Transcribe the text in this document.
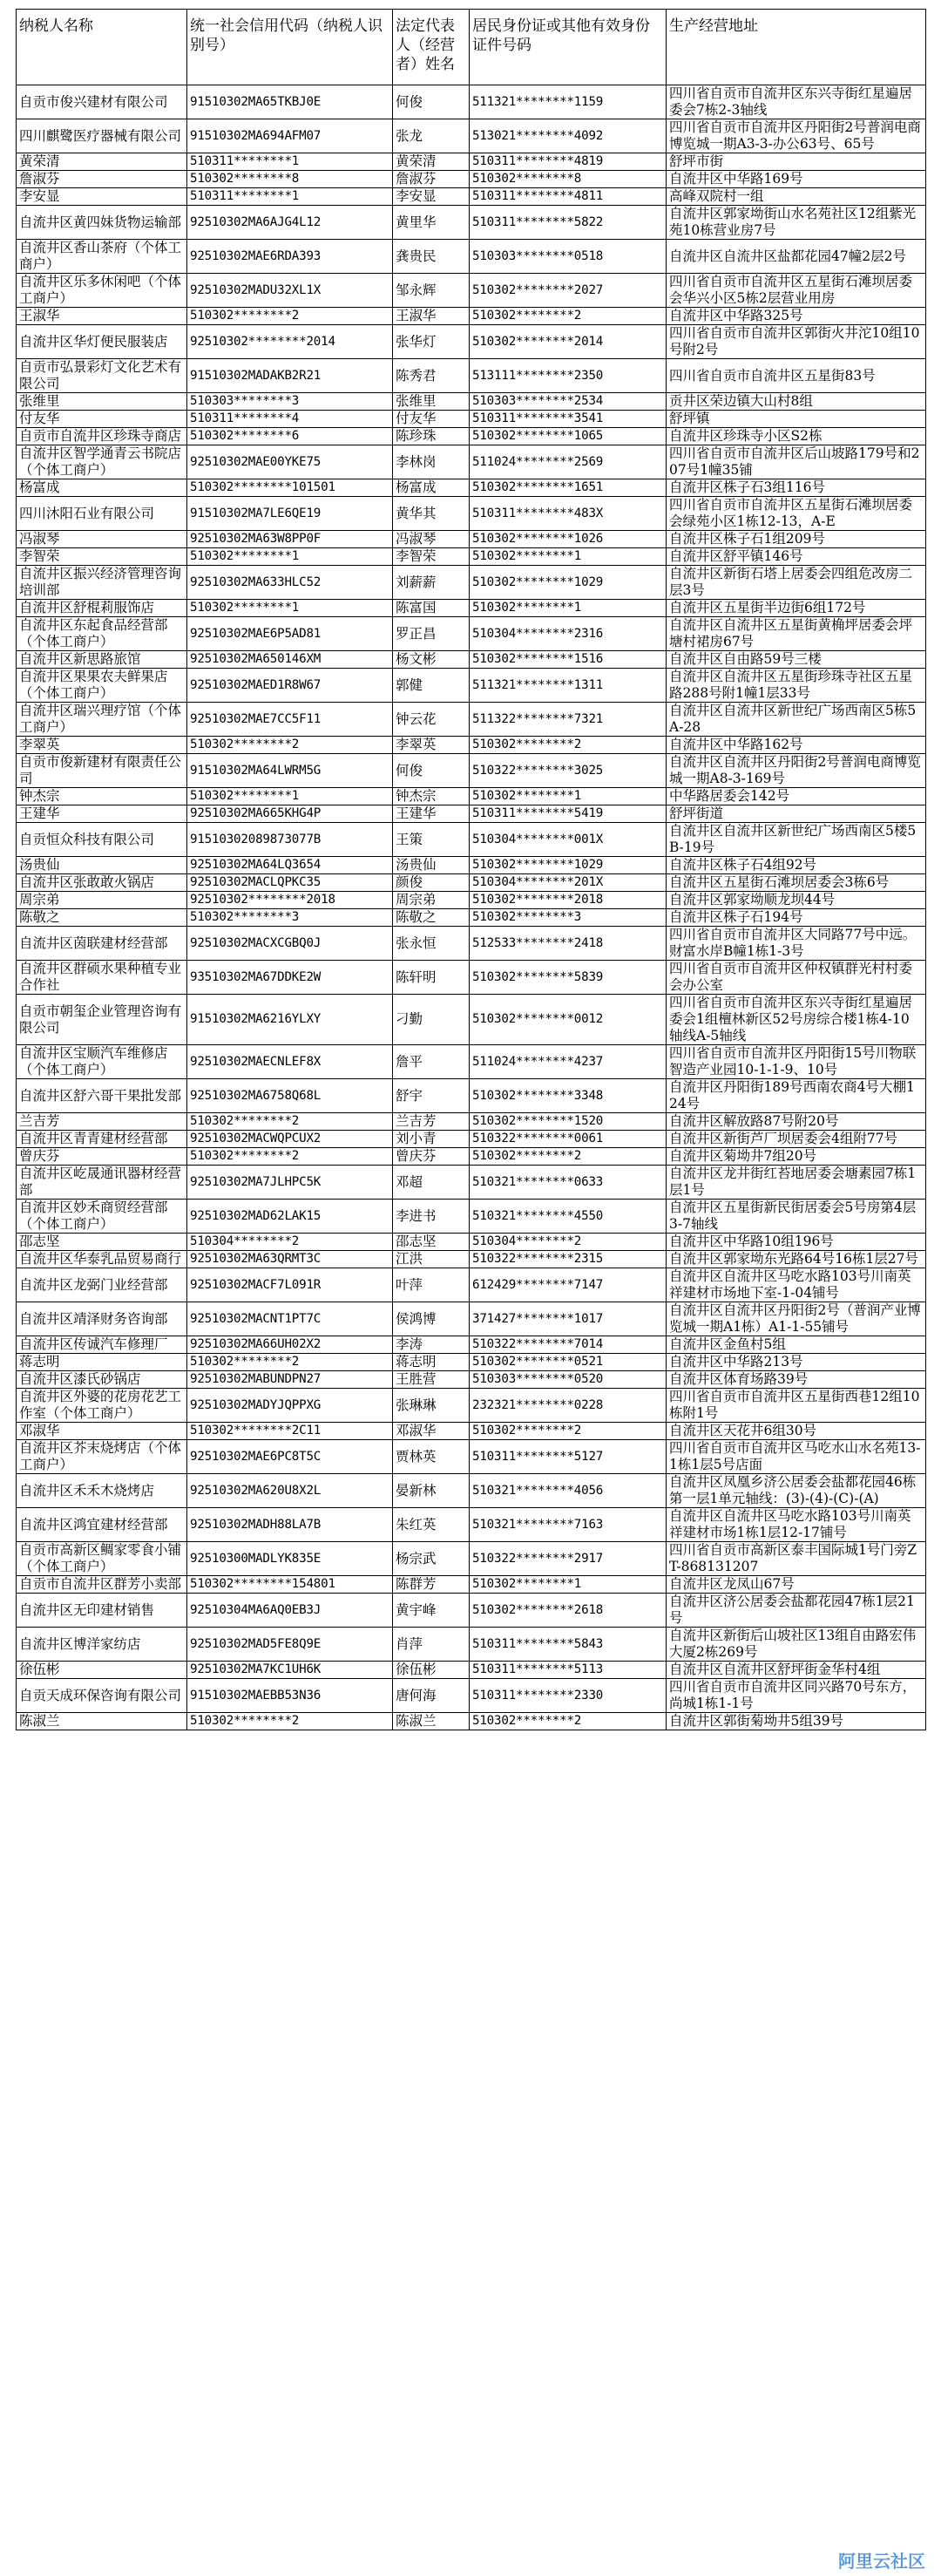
纳税人名称	统一社会信用代码（纳税人识别号）	法定代表人（经营者）姓名	居民身份证或其他有效身份证件号码	生产经营地址
自贡市俊兴建材有限公司	91510302MA65TKBJ0E	何俊	511321********1159	四川省自贡市自流井区东兴寺街红星遍居委会7栋2-3轴线
四川麒鹭医疗器械有限公司	91510302MA694AFM07	张龙	513021********4092	四川省自贡市自流井区丹阳街2号普润电商博览城一期A3-3-办公63号、65号
黄荣清	510311********1	黄荣清	510311********4819	舒坪市街
詹淑芬	510302********8	詹淑芬	510302********8	自流井区中华路169号
李安显	510311********1	李安显	510311********4811	高峰双院村一组
自流井区黄四妹货物运输部	92510302MA6AJG4L12	黄里华	510311********5822	自流井区郭家坳街山水名苑社区12组紫光苑10栋营业房7号
自流井区香山茶府（个体工商户）	92510302MAE6RDA393	龚贵民	510303********0518	自流井区自流井区盐都花园47幢2层2号
自流井区乐多休闲吧（个体工商户）	92510302MADU32XL1X	邹永辉	510302********2027	四川省自贡市自流井区五星街石滩坝居委会华兴小区5栋2层营业用房
王淑华	510302********2	王淑华	510302********2	自流井区中华路325号
自流井区华灯便民服装店	92510302********2014	张华灯	510302********2014	四川省自贡市自流井区郭街火井沱10组10号附2号
自贡市弘景彩灯文化艺术有限公司	91510302MADAKB2R21	陈秀君	513111********2350	四川省自贡市自流井区五星街83号
张维里	510303********3	张维里	510303********2534	贡井区荣边镇大山村8组
付友华	510311********4	付友华	510311********3541	舒坪镇
自贡市自流井区珍珠寺商店	510302********6	陈珍珠	510302********1065	自流井区珍珠寺小区S2栋
自流井区智学通青云书院店（个体工商户）	92510302MAE00YKE75	李林岗	511024********2569	四川省自贡市自流井区后山坡路179号和207号1幢35铺
杨富成	510302********101501	杨富成	510302********1651	自流井区株子石3组116号
四川沐阳石业有限公司	91510302MA7LE6QE19	黄华其	510311********483X	四川省自贡市自流井区五星街石滩坝居委会绿苑小区1栋12-13，A-E
冯淑琴	92510302MA63W8PP0F	冯淑琴	510302********1026	自流井区株子石1组209号
李智荣	510302********1	李智荣	510302********1	自流井区舒平镇146号
自流井区振兴经济管理咨询培训部	92510302MA633HLC52	刘薪薪	510302********1029	自流井区新街石塔上居委会四组危改房二层3号
自流井区舒棍莉服饰店	510302********1	陈富国	510302********1	自流井区五星街半边街6组172号
自流井区东起食品经营部（个体工商户）	92510302MAE6P5AD81	罗正昌	510304********2316	自流井区自流井区五星街黄桷坪居委会坪塘村裙房67号
自流井区新思路旅馆	92510302MA650146XM	杨文彬	510302********1516	自流井区自由路59号三楼
自流井区果果农夫鲜果店（个体工商户）	92510302MAED1R8W67	郭健	511321********1311	自流井区自流井区五星街珍珠寺社区五星路288号附1幢1层33号
自流井区瑞兴理疗馆（个体工商户）	92510302MAE7CC5F11	钟云花	511322********7321	自流井区自流井区新世纪广场西南区5栋5A-28
李翠英	510302********2	李翠英	510302********2	自流井区中华路162号
自贡市俊新建材有限责任公司	91510302MA64LWRM5G	何俊	510322********3025	自流井区自流井区丹阳街2号普润电商博览城一期A8-3-169号
钟杰宗	510302********1	钟杰宗	510302********1	中华路居委会142号
王建华	92510302MA665KHG4P	王建华	510311********5419	舒坪街道
自贡恒众科技有限公司	91510302089873077B	王策	510304********001X	自流井区自流井区新世纪广场西南区5楼5B-19号
汤贵仙	92510302MA64LQ3654	汤贵仙	510302********1029	自流井区株子石4组92号
自流井区张敢敢火锅店	92510302MACLQPKC35	颜俊	510304********201X	自流井区五星街石滩坝居委会3栋6号
周宗弟	92510302********2018	周宗弟	510302********2018	自流井区郭家坳顺龙坝44号
陈敬之	510302********3	陈敬之	510302********3	自流井区株子石194号
自流井区茵联建材经营部	92510302MACXCGBQ0J	张永恒	512533********2418	四川省自贡市自流井区大同路77号中远。财富水岸B幢1栋1-3号
自流井区群硕水果种植专业合作社	93510302MA67DDKE2W	陈轩明	510302********5839	四川省自贡市自流井区仲权镇群光村村委会办公室
自贡市朝玺企业管理咨询有限公司	91510302MA6216YLXY	刁勤	510302********0012	四川省自贡市自流井区东兴寺街红星遍居委会1组檀林新区52号房综合楼1栋4-10轴线A-5轴线
自流井区宝顺汽车维修店（个体工商户）	92510302MAECNLEF8X	詹平	511024********4237	四川省自贡市自流井区丹阳街15号川物联智造产业园10-1-1-9、10号
自流井区舒六哥干果批发部	92510302MA6758Q68L	舒宇	510302********3348	自流井区丹阳街189号西南农商4号大棚124号
兰吉芳	510302********2	兰吉芳	510302********1520	自流井区解放路87号附20号
自流井区青青建材经营部	92510302MACWQPCUX2	刘小青	510322********0061	自流井区新街芦厂坝居委会4组附77号
曾庆芬	510302********2	曾庆芬	510302********2	自流井区菊坳井7组20号
自流井区屹晟通讯器材经营部	92510302MA7JLHPC5K	邓超	510321********0633	自流井区龙井街红苔地居委会塘素园7栋1层1号
自流井区妙禾商贸经营部（个体工商户）	92510302MAD62LAK15	李进书	510321********4550	自流井区五星街新民街居委会5号房第4层3-7轴线
邵志坚	510304********2	邵志坚	510304********2	自流井区中华路10组196号
自流井区华泰乳品贸易商行	92510302MA63QRMT3C	江洪	510322********2315	自流井区郭家坳东光路64号16栋1层27号
自流井区龙弼门业经营部	92510302MACF7L091R	叶萍	612429********7147	自流井区自流井区马吃水路103号川南英祥建材市场地下室-1-04铺号
自流井区靖泽财务咨询部	92510302MACNT1PT7C	侯鸿博	371427********1017	自流井区自流井区丹阳街2号（普润产业博览城一期A1栋）A1-1-55铺号
自流井区传诚汽车修理厂	92510302MA66UH02X2	李涛	510322********7014	自流井区金鱼村5组
蒋志明	510302********2	蒋志明	510302********0521	自流井区中华路213号
自流井区漆氏砂锅店	92510302MABUNDPN27	王胜营	510303********0520	自流井区体育场路39号
自流井区外婆的花房花艺工作室（个体工商户）	92510302MADYJQPPXG	张琳琳	232321********0228	四川省自贡市自流井区五星街西巷12组10栋附1号
邓淑华	510302********2C11	邓淑华	510302********2	自流井区天花井6组30号
自流井区芥末烧烤店（个体工商户）	92510302MAE6PC8T5C	贾林英	510311********5127	四川省自贡市自流井区马吃水山水名苑13-1栋1层5号店面
自流井区禾禾木烧烤店	92510302MA620U8X2L	晏新林	510321********4056	自流井区凤凰乡济公居委会盐都花园46栋第一层1单元轴线：(3)-(4)-(C)-(A)
自流井区鸿宜建材经营部	92510302MADH88LA7B	朱红英	510321********7163	自流井区自流井区马吃水路103号川南英祥建材市场1栋1层12-17铺号
自贡市高新区鲷家零食小铺（个体工商户）	92510300MADLYK835E	杨宗武	510322********2917	四川省自贡市高新区泰丰国际城1号门旁ZT-868131207
自贡市自流井区群芳小卖部	510302********154801	陈群芳	510302********1	自流井区龙凤山67号
自流井区无印建材销售	92510304MA6AQ0EB3J	黄宇峰	510302********2618	自流井区济公居委会盐都花园47栋1层21号
自流井区博洋家纺店	92510302MAD5FE8Q9E	肖萍	510311********5843	自流井区新街后山坡社区13组自由路宏伟大厦2栋269号
徐伍彬	92510302MA7KC1UH6K	徐伍彬	510311********5113	自流井区自流井区舒坪街金华村4组
自贡天成环保咨询有限公司	91510302MAEBB53N36	唐何海	510311********2330	四川省自贡市自流井区同兴路70号东方，尚城1栋1-1号
陈淑兰	510302********2	陈淑兰	510302********2	自流井区郭街菊坳井5组39号
阿里云社区
